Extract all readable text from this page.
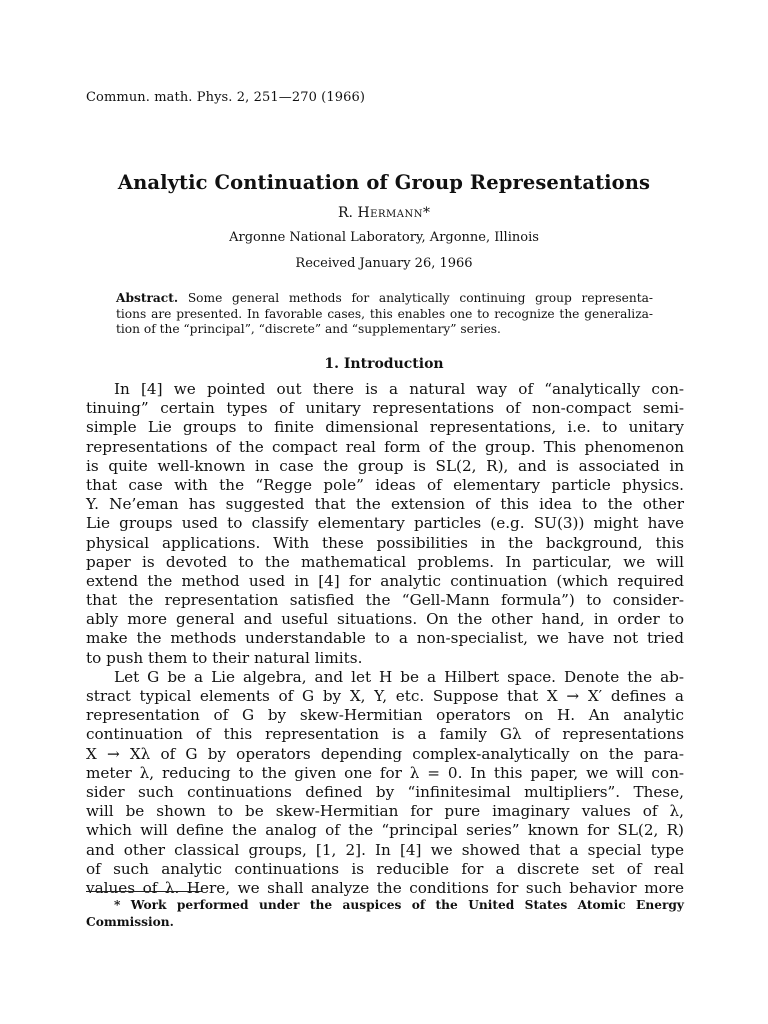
Commun. math. Phys. 2, 251—270 (1966)
Analytic Continuation of Group Representations
R. Hermann*
Argonne National Laboratory, Argonne, Illinois
Received January 26, 1966
Abstract. Some general methods for analytically continuing group representa-
tions are presented. In favorable cases, this enables one to recognize the generaliza-
tion of the “principal”, “discrete” and “supplementary” series.
1. Introduction
In [4] we pointed out there is a natural way of “analytically con-
tinuing” certain types of unitary representations of non-compact semi-
simple Lie groups to finite dimensional representations, i.e. to unitary
representations of the compact real form of the group. This phenomenon
is quite well-known in case the group is SL(2, R), and is associated in
that case with the “Regge pole” ideas of elementary particle physics.
Y. Ne’eman has suggested that the extension of this idea to the other
Lie groups used to classify elementary particles (e.g. SU(3)) might have
physical applications. With these possibilities in the background, this
paper is devoted to the mathematical problems. In particular, we will
extend the method used in [4] for analytic continuation (which required
that the representation satisfied the “Gell-Mann formula”) to consider-
ably more general and useful situations. On the other hand, in order to
make the methods understandable to a non-specialist, we have not tried
to push them to their natural limits.
Let G be a Lie algebra, and let H be a Hilbert space. Denote the ab-
stract typical elements of G by X, Y, etc. Suppose that X → X′ defines a
representation of G by skew-Hermitian operators on H. An analytic
continuation of this representation is a family Gλ of representations
X → Xλ of G by operators depending complex-analytically on the para-
meter λ, reducing to the given one for λ = 0. In this paper, we will con-
sider such continuations defined by “infinitesimal multipliers”. These,
will be shown to be skew-Hermitian for pure imaginary values of λ,
which will define the analog of the “principal series” known for SL(2, R)
and other classical groups, [1, 2]. In [4] we showed that a special type
of such analytic continuations is reducible for a discrete set of real
values of λ. Here, we shall analyze the conditions for such behavior more
* Work performed under the auspices of the United States Atomic Energy
Commission.
